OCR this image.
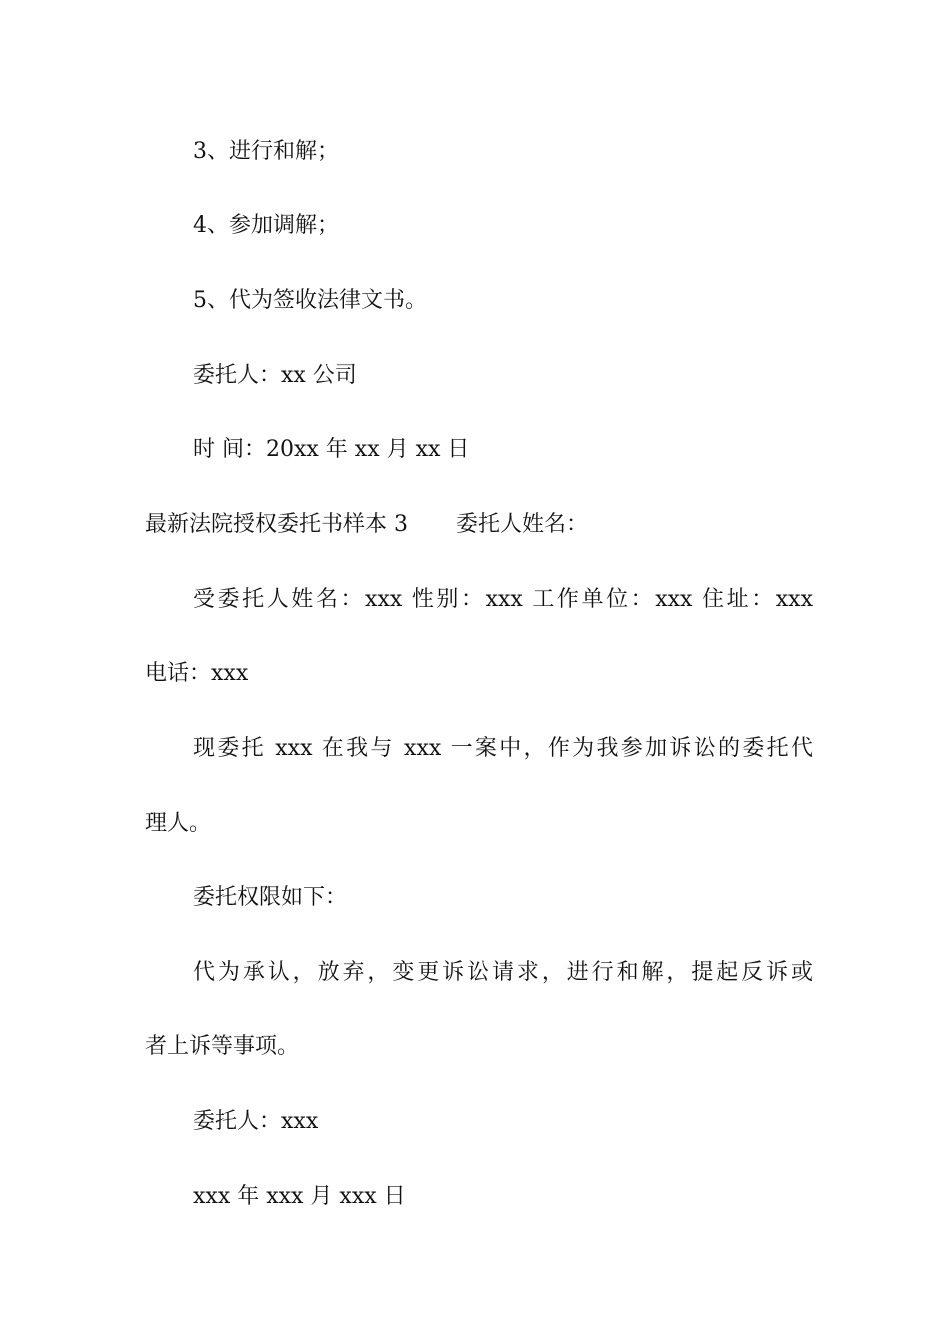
3、进行和解；
4、参加调解；
5、代为签收法律文书。
委托人：xx 公司
时 间：20xx 年 xx 月 xx 日
最新法院授权委托书样本 3 委托人姓名：
受委托人姓名：xxx 性别：xxx 工作单位：xxx 住址：xxx
电话：xxx
现委托 xxx 在我与 xxx 一案中，作为我参加诉讼的委托代
理人。
委托权限如下：
代为承认，放弃，变更诉讼请求，进行和解，提起反诉或
者上诉等事项。
委托人：xxx
xxx 年 xxx 月 xxx 日
